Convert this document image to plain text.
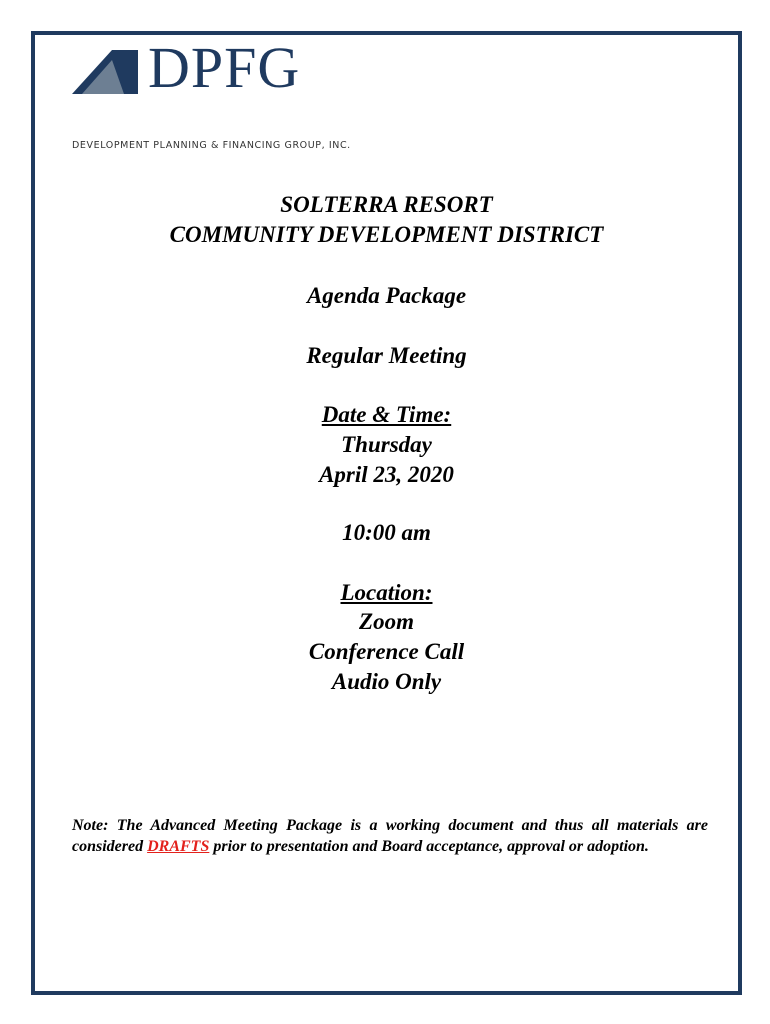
DPFG
DEVELOPMENT PLANNING & FINANCING GROUP, INC.
SOLTERRA RESORT
COMMUNITY DEVELOPMENT DISTRICT
Agenda Package
Regular Meeting
Date & Time:
Thursday
April 23, 2020
10:00 am
Location:
Zoom
Conference Call
Audio Only
Note: The Advanced Meeting Package is a working document and thus all materials are considered DRAFTS prior to presentation and Board acceptance, approval or adoption.
